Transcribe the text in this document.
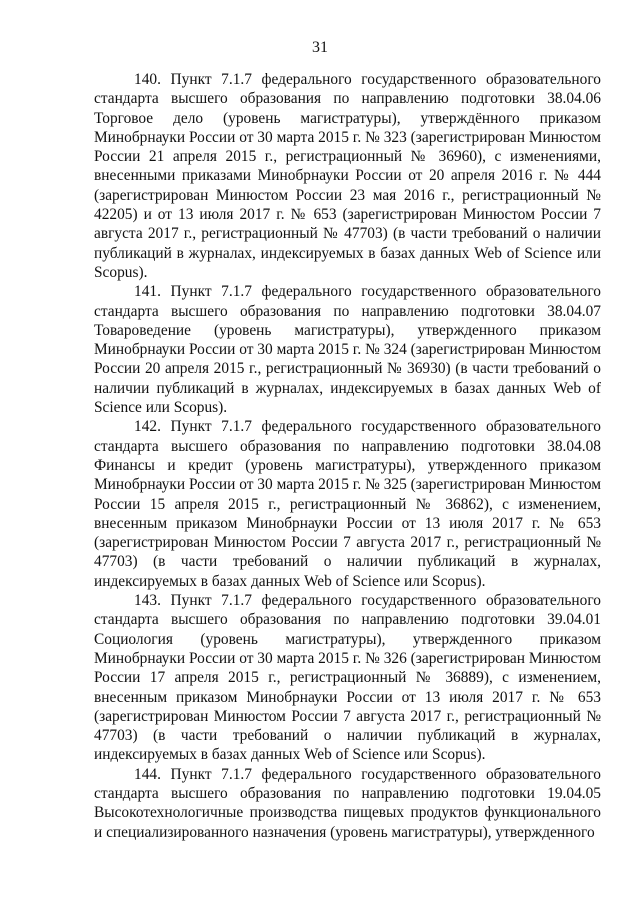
31

140. Пункт 7.1.7 федерального государственного образовательного стандарта высшего образования по направлению подготовки 38.04.06 Торговое дело (уровень магистратуры), утверждённого приказом Минобрнауки России от 30 марта 2015 г. № 323 (зарегистрирован Минюстом России 21 апреля 2015 г., регистрационный № 36960), с изменениями, внесенными приказами Минобрнауки России от 20 апреля 2016 г. № 444 (зарегистрирован Минюстом России 23 мая 2016 г., регистрационный № 42205) и от 13 июля 2017 г. № 653 (зарегистрирован Минюстом России 7 августа 2017 г., регистрационный № 47703) (в части требований о наличии публикаций в журналах, индексируемых в базах данных Web of Science или Scopus).

141. Пункт 7.1.7 федерального государственного образовательного стандарта высшего образования по направлению подготовки 38.04.07 Товароведение (уровень магистратуры), утвержденного приказом Минобрнауки России от 30 марта 2015 г. № 324 (зарегистрирован Минюстом России 20 апреля 2015 г., регистрационный № 36930) (в части требований о наличии публикаций в журналах, индексируемых в базах данных Web of Science или Scopus).

142. Пункт 7.1.7 федерального государственного образовательного стандарта высшего образования по направлению подготовки 38.04.08 Финансы и кредит (уровень магистратуры), утвержденного приказом Минобрнауки России от 30 марта 2015 г. № 325 (зарегистрирован Минюстом России 15 апреля 2015 г., регистрационный № 36862), с изменением, внесенным приказом Минобрнауки России от 13 июля 2017 г. № 653 (зарегистрирован Минюстом России 7 августа 2017 г., регистрационный № 47703) (в части требований о наличии публикаций в журналах, индексируемых в базах данных Web of Science или Scopus).

143. Пункт 7.1.7 федерального государственного образовательного стандарта высшего образования по направлению подготовки 39.04.01 Социология (уровень магистратуры), утвержденного приказом Минобрнауки России от 30 марта 2015 г. № 326 (зарегистрирован Минюстом России 17 апреля 2015 г., регистрационный № 36889), с изменением, внесенным приказом Минобрнауки России от 13 июля 2017 г. № 653 (зарегистрирован Минюстом России 7 августа 2017 г., регистрационный № 47703) (в части требований о наличии публикаций в журналах, индексируемых в базах данных Web of Science или Scopus).

144. Пункт 7.1.7 федерального государственного образовательного стандарта высшего образования по направлению подготовки 19.04.05 Высокотехнологичные производства пищевых продуктов функционального и специализированного назначения (уровень магистратуры), утвержденного
